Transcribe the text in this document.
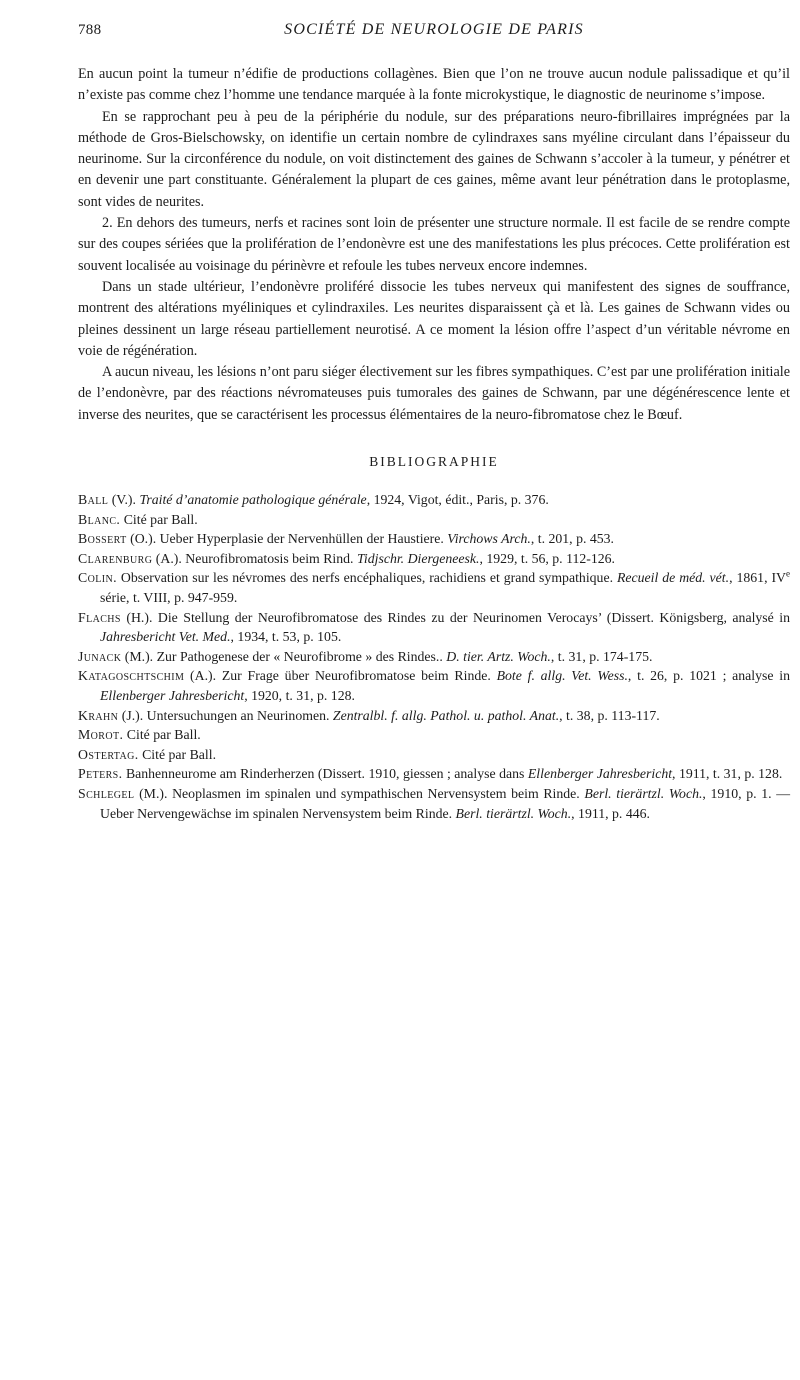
788	SOCIÉTÉ DE NEUROLOGIE DE PARIS

En aucun point la tumeur n’édifie de productions collagènes. Bien que l’on ne trouve aucun nodule palissadique et qu’il n’existe pas comme chez l’homme une tendance marquée à la fonte microkystique, le diagnostic de neurinome s’impose.

En se rapprochant peu à peu de la périphérie du nodule, sur des préparations neuro-fibrillaires imprégnées par la méthode de Gros-Bielschowsky, on identifie un certain nombre de cylindraxes sans myéline circulant dans l’épaisseur du neurinome. Sur la circonférence du nodule, on voit distinctement des gaines de Schwann s’accoler à la tumeur, y pénétrer et en devenir une part constituante. Généralement la plupart de ces gaines, même avant leur pénétration dans le protoplasme, sont vides de neurites.

2. En dehors des tumeurs, nerfs et racines sont loin de présenter une structure normale. Il est facile de se rendre compte sur des coupes sériées que la prolifération de l’endonèvre est une des manifestations les plus précoces. Cette prolifération est souvent localisée au voisinage du périnèvre et refoule les tubes nerveux encore indemnes.

Dans un stade ultérieur, l’endonèvre proliféré dissocie les tubes nerveux qui manifestent des signes de souffrance, montrent des altérations myéliniques et cylindraxiles. Les neurites disparaissent çà et là. Les gaines de Schwann vides ou pleines dessinent un large réseau partiellement neurotisé. A ce moment la lésion offre l’aspect d’un véritable névrome en voie de régénération.

A aucun niveau, les lésions n’ont paru siéger électivement sur les fibres sympathiques. C’est par une prolifération initiale de l’endonèvre, par des réactions névromateuses puis tumorales des gaines de Schwann, par une dégénérescence lente et inverse des neurites, que se caractérisent les processus élémentaires de la neuro-fibromatose chez le Bœuf.

BIBLIOGRAPHIE

Ball (V.). Traité d’anatomie pathologique générale, 1924, Vigot, édit., Paris, p. 376.

Blanc. Cité par Ball.

Bossert (O.). Ueber Hyperplasie der Nervenhüllen der Haustiere. Virchows Arch., t. 201, p. 453.

Clarenburg (A.). Neurofibromatosis beim Rind. Tidjschr. Diergeneesk., 1929, t. 56, p. 112-126.

Colin. Observation sur les névromes des nerfs encéphaliques, rachidiens et grand sympathique. Recueil de méd. vét., 1861, IVe série, t. VIII, p. 947-959.

Flachs (H.). Die Stellung der Neurofibromatose des Rindes zu der Neurinomen Verocays’ (Dissert. Königsberg, analysé in Jahresbericht Vet. Med., 1934, t. 53, p. 105.

Junack (M.). Zur Pathogenese der « Neurofibrome » des Rindes.. D. tier. Artz. Woch., t. 31, p. 174-175.

Katagoschtschim (A.). Zur Frage über Neurofibromatose beim Rinde. Bote f. allg. Vet. Wess., t. 26, p. 1021 ; analyse in Ellenberger Jahresbericht, 1920, t. 31, p. 128.

Krahn (J.). Untersuchungen an Neurinomen. Zentralbl. f. allg. Pathol. u. pathol. Anat., t. 38, p. 113-117.

Morot. Cité par Ball.

Ostertag. Cité par Ball.

Peters. Banhenneurome am Rinderherzen (Dissert. 1910, giessen ; analyse dans Ellenberger Jahresbericht, 1911, t. 31, p. 128.

Schlegel (M.). Neoplasmen im spinalen und sympathischen Nervensystem beim Rinde. Berl. tierärtzl. Woch., 1910, p. 1. — Ueber Nervengewächse im spinalen Nervensystem beim Rinde. Berl. tierärtzl. Woch., 1911, p. 446.
